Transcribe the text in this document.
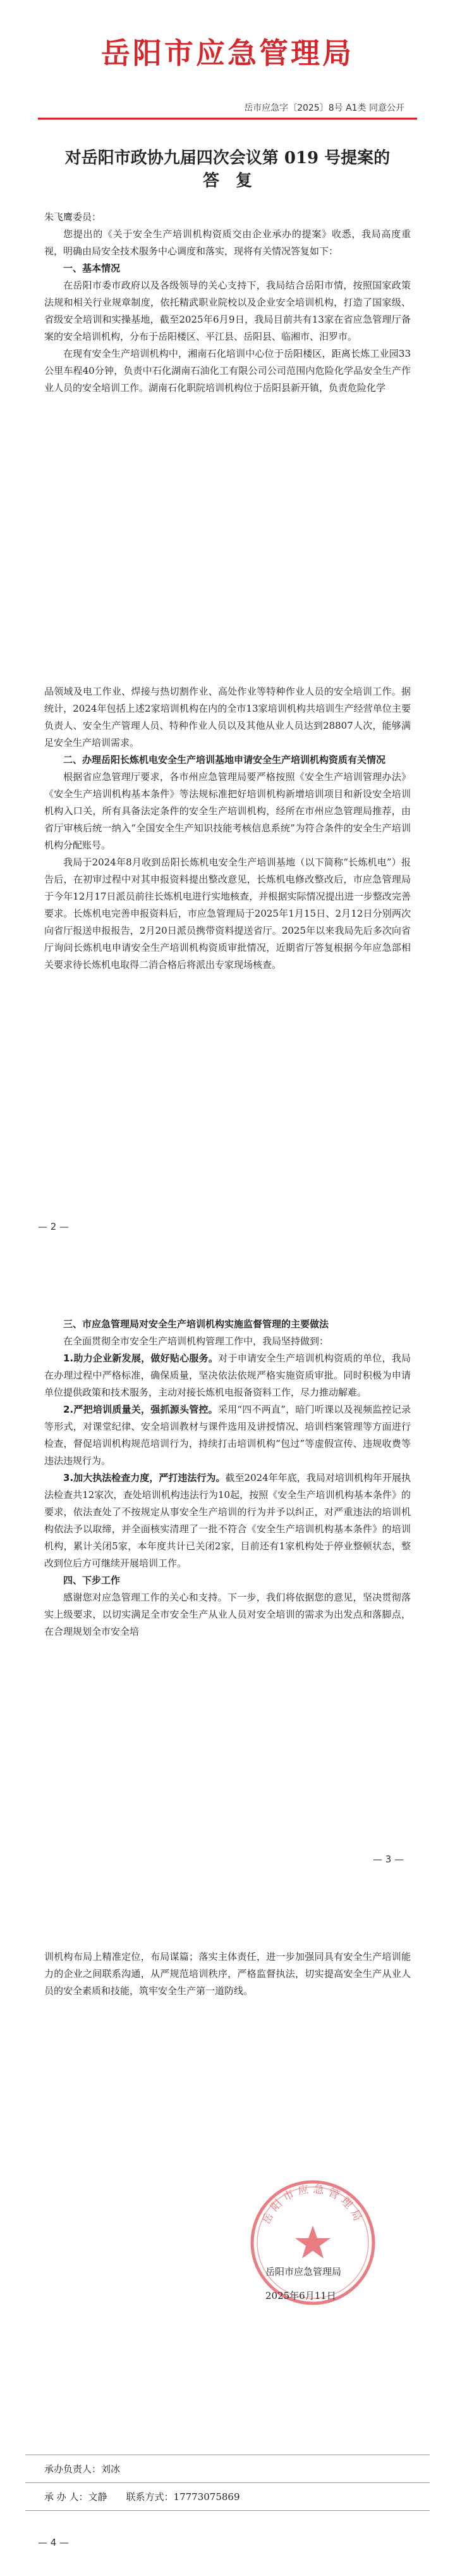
岳阳市应急管理局
岳市应急字〔2025〕8号 A1类 同意公开
对岳阳市政协九届四次会议第 019 号提案的
答　复

朱飞鹰委员：

您提出的《关于安全生产培训机构资质交由企业承办的提案》收悉，我局高度重视，明确由局安全技术服务中心调度和落实，现将有关情况答复如下：

一、基本情况

在岳阳市委市政府以及各级领导的关心支持下，我局结合岳阳市情，按照国家政策法规和相关行业规章制度，依托精武职业院校以及企业安全培训机构，打造了国家级、省级安全培训和实操基地，截至2025年6月9日，我局目前共有13家在省应急管理厅备案的安全培训机构，分布于岳阳楼区、平江县、岳阳县、临湘市、汨罗市。

在现有安全生产培训机构中，湘南石化培训中心位于岳阳楼区，距离长炼工业园33公里车程40分钟，负责中石化湖南石油化工有限公司公司范围内危险化学品安全生产作业人员的安全培训工作。湖南石化职院培训机构位于岳阳县新开镇，负责危险化学

品领域及电工作业、焊接与热切割作业、高处作业等特种作业人员的安全培训工作。据统计，2024年包括上述2家培训机构在内的全市13家培训机构共培训生产经营单位主要负责人、安全生产管理人员、特种作业人员以及其他从业人员达到28807人次，能够满足安全生产培训需求。

二、办理岳阳长炼机电安全生产培训基地申请安全生产培训机构资质有关情况

根据省应急管理厅要求，各市州应急管理局要严格按照《安全生产培训管理办法》《安全生产培训机构基本条件》等法规标准把好培训机构新增培训项目和新设安全培训机构入口关，所有具备法定条件的安全生产培训机构，经所在市州应急管理局推荐，由省厅审核后统一纳入“全国安全生产知识技能考核信息系统”为符合条件的安全生产培训机构分配账号。

我局于2024年8月收到岳阳长炼机电安全生产培训基地（以下简称“长炼机电”）报告后，在初审过程中对其申报资料提出整改意见，长炼机电修改整改后，市应急管理局于今年12月17日派员前往长炼机电进行实地核查，并根据实际情况提出进一步整改完善要求。长炼机电完善申报资料后，市应急管理局于2025年1月15日、2月12日分别两次向省厅报送申报报告，2月20日派员携带资料提送省厅。2025年以来我局先后多次向省厅询问长炼机电申请安全生产培训机构资质审批情况，近期省厅答复根据今年应急部相关要求待长炼机电取得二消合格后将派出专家现场核查。

— 2 —

三、市应急管理局对安全生产培训机构实施监督管理的主要做法

在全面贯彻全市安全生产培训机构管理工作中，我局坚持做到：

1.助力企业新发展，做好贴心服务。对于申请安全生产培训机构资质的单位，我局在办理过程中严格标准，确保质量，坚决依法依规严格实施资质审批。同时积极为申请单位提供政策和技术服务，主动对接长炼机电报备资料工作，尽力推动解难。

2.严把培训质量关，强抓源头管控。采用“四不两直”，暗门听课以及视频监控记录等形式，对课堂纪律、安全培训教材与课件选用及讲授情况、培训档案管理等方面进行检查，督促培训机构规范培训行为，持续打击培训机构“包过”等虚假宣传、违规收费等违法违规行为。

3.加大执法检查力度，严打违法行为。截至2024年年底，我局对培训机构年开展执法检查共12家次，查处培训机构违法行为10起，按照《安全生产培训机构基本条件》的要求，依法查处了不按规定从事安全生产培训的行为并予以纠正，对严重违法的培训机构依法予以取缔，并全面核实清理了一批不符合《安全生产培训机构基本条件》的培训机构，累计关闭5家，本年度共计已关闭2家，目前还有1家机构处于停业整顿状态，整改到位后方可继续开展培训工作。

四、下步工作

感谢您对应急管理工作的关心和支持。下一步，我们将依据您的意见，坚决贯彻落实上级要求，以切实满足全市安全生产从业人员对安全培训的需求为出发点和落脚点，在合理规划全市安全培

— 3 —

训机构布局上精准定位，布局谋篇；落实主体责任，进一步加强同具有安全生产培训能力的企业之间联系沟通，从严规范培训秩序，严格监督执法，切实提高安全生产从业人员的安全素质和技能，筑牢安全生产第一道防线。

岳阳市应急管理局
岳阳市应急管理局
2025年6月11日
承办负责人：刘冰
承 办 人：文静　　联系方式：17773075869
— 4 —
